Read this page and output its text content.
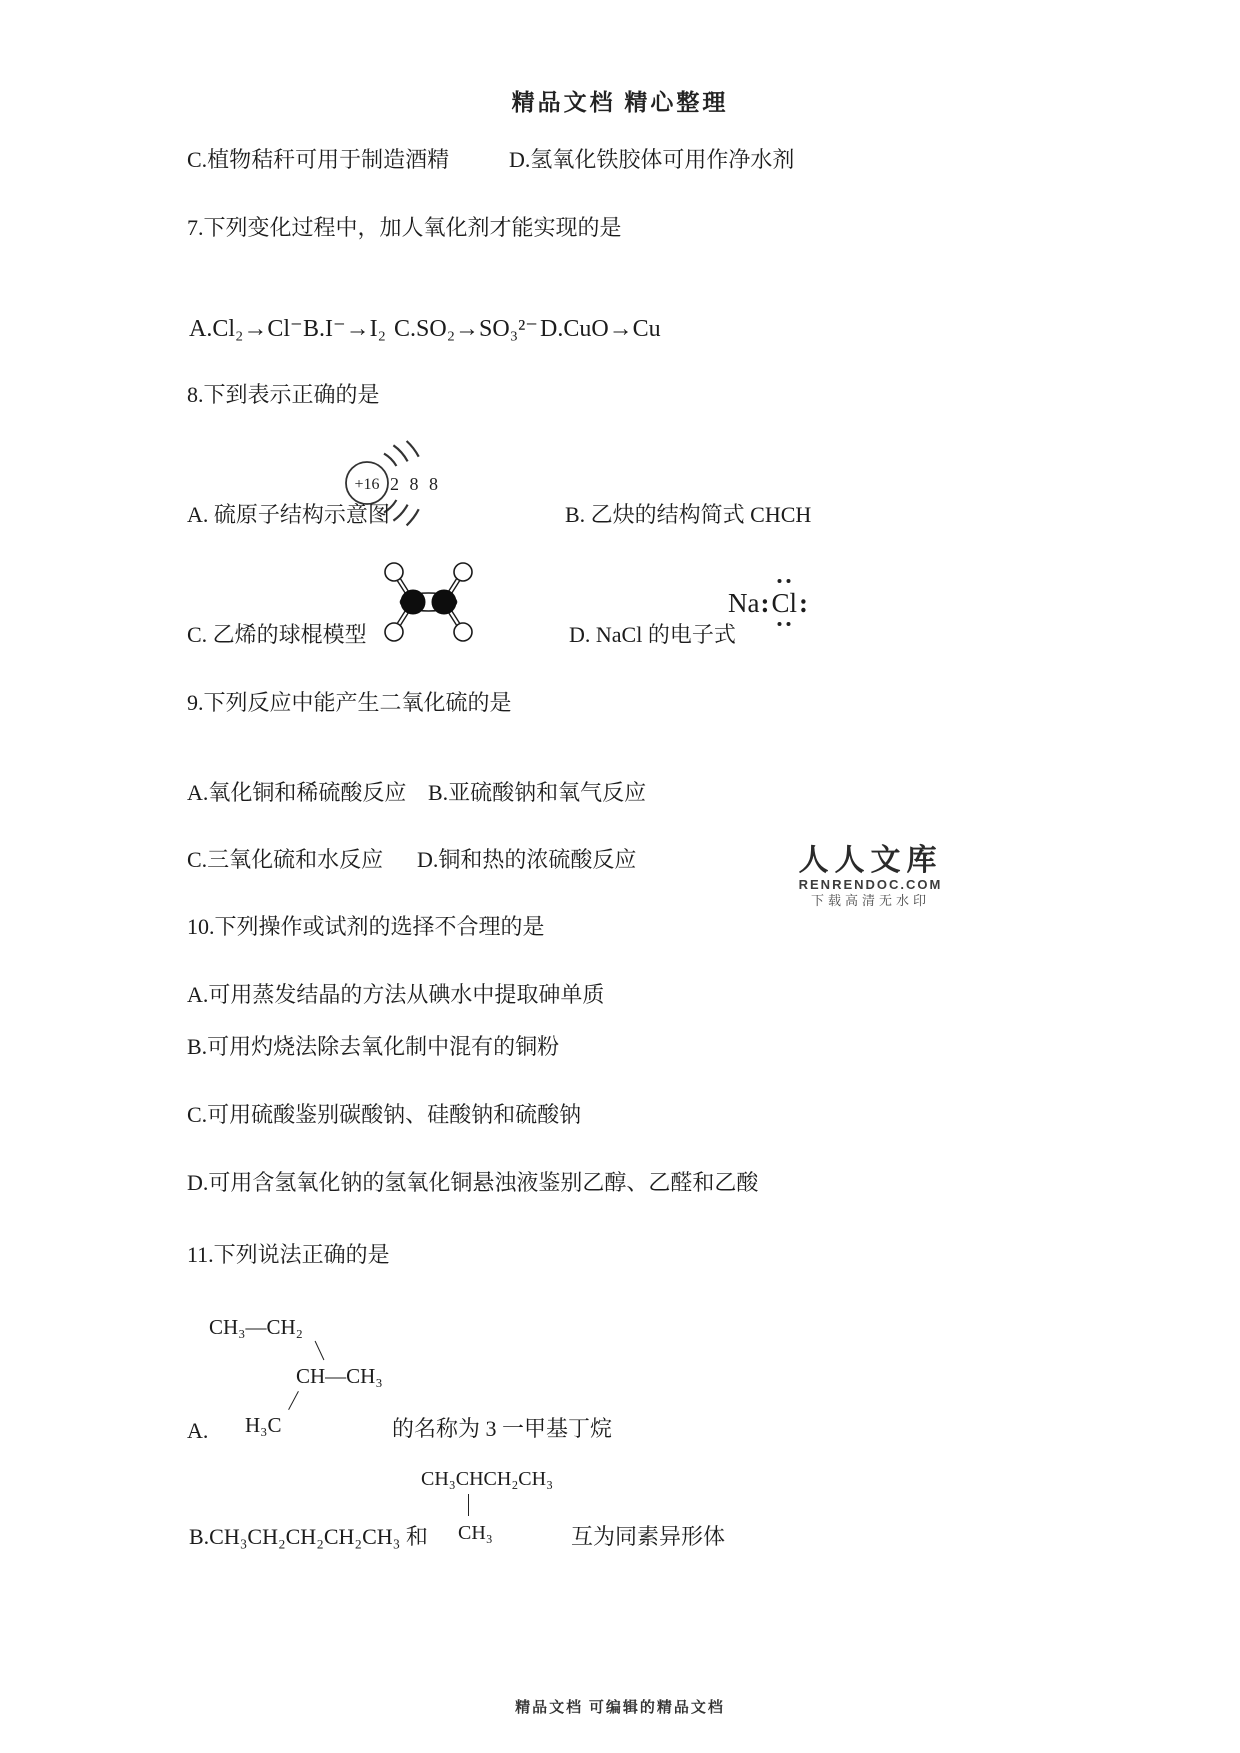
精品文档 精心整理
C.植物秸秆可用于制造酒精	D.氢氧化铁胶体可用作净水剂
7.下列变化过程中，加人氧化剂才能实现的是
A.Cl₂→Cl⁻ B.I⁻→I₂ C.SO₂→SO₃²⁻ D.CuO→Cu
8.下到表示正确的是
+16 2 8 8
A. 硫原子结构示意图	B. 乙炔的结构简式 CHCH
C. 乙烯的球棍模型	D. NaCl 的电子式
Na : Cl :
9.下列反应中能产生二氧化硫的是
A.氧化铜和稀硫酸反应 B.亚硫酸钠和氧气反应
C.三氧化硫和水反应 D.铜和热的浓硫酸反应	人人文库
RENRENDOC.COM
下载高清无水印
10.下列操作或试剂的选择不合理的是
A.可用蒸发结晶的方法从碘水中提取砷单质
B.可用灼烧法除去氧化制中混有的铜粉
C.可用硫酸鉴别碳酸钠、硅酸钠和硫酸钠
D.可用含氢氧化钠的氢氧化铜悬浊液鉴别乙醇、乙醛和乙酸
11.下列说法正确的是
CH₃—CH₂
CH—CH₃
A. H₃C	的名称为 3 一甲基丁烷
CH₃CHCH₂CH₃
CH₃
B.CH₃CH₂CH₂CH₂CH₃ 和	互为同素异形体
精品文档 可编辑的精品文档
